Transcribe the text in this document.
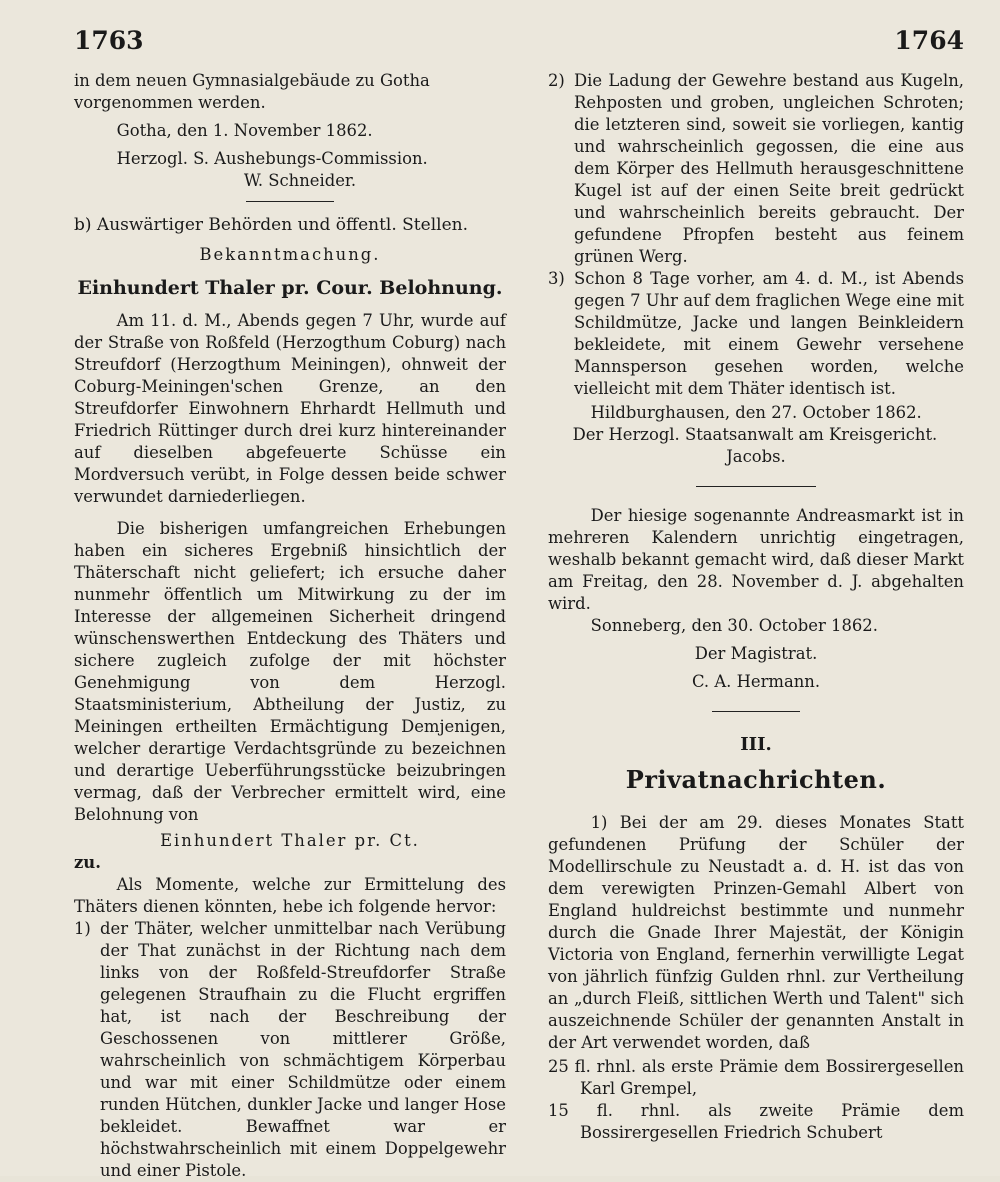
1763	1764

in dem neuen Gymnasialgebäude zu Gotha

vorgenommen werden.

Gotha, den 1. November 1862.

Herzogl. S. Aushebungs-Commission.

W. Schneider.

b) Auswärtiger Behörden und öffentl. Stellen.

Bekanntmachung.

Einhundert Thaler pr. Cour. Belohnung.

Am 11. d. M., Abends gegen 7 Uhr, wurde auf der Straße von Roßfeld (Herzogthum Coburg) nach Streufdorf (Herzogthum Meiningen), ohnweit der Coburg-Meiningen'schen Grenze, an den Streufdorfer Einwohnern Ehrhardt Hellmuth und Friedrich Rüttinger durch drei kurz hintereinander auf dieselben abgefeuerte Schüsse ein Mordversuch verübt, in Folge dessen beide schwer verwundet darniederliegen.

Die bisherigen umfangreichen Erhebungen haben ein sicheres Ergebniß hinsichtlich der Thäterschaft nicht geliefert; ich ersuche daher nunmehr öffentlich um Mitwirkung zu der im Interesse der allgemeinen Sicherheit dringend wünschenswerthen Entdeckung des Thäters und sichere zugleich zufolge der mit höchster Genehmigung von dem Herzogl. Staatsministerium, Abtheilung der Justiz, zu Meiningen ertheilten Ermächtigung Demjenigen, welcher derartige Verdachtsgründe zu bezeichnen und derartige Ueberführungsstücke beizubringen vermag, daß der Verbrecher ermittelt wird, eine Belohnung von

Einhundert Thaler pr. Ct.

zu.

Als Momente, welche zur Ermittelung des Thäters dienen könnten, hebe ich folgende hervor:

1) der Thäter, welcher unmittelbar nach Verübung der That zunächst in der Richtung nach dem links von der Roßfeld-Streufdorfer Straße gelegenen Straufhain zu die Flucht ergriffen hat, ist nach der Beschreibung der Geschossenen von mittlerer Größe, wahrscheinlich von schmächtigem Körperbau und war mit einer Schildmütze oder einem runden Hütchen, dunkler Jacke und langer Hose bekleidet. Bewaffnet war er höchstwahrscheinlich mit einem Doppelgewehr und einer Pistole.
2) Die Ladung der Gewehre bestand aus Kugeln, Rehposten und groben, ungleichen Schroten; die letzteren sind, soweit sie vorliegen, kantig und wahrscheinlich gegossen, die eine aus dem Körper des Hellmuth herausgeschnittene Kugel ist auf der einen Seite breit gedrückt und wahrscheinlich bereits gebraucht. Der gefundene Pfropfen besteht aus feinem grünen Werg.
3) Schon 8 Tage vorher, am 4. d. M., ist Abends gegen 7 Uhr auf dem fraglichen Wege eine mit Schildmütze, Jacke und langen Beinkleidern bekleidete, mit einem Gewehr versehene Mannsperson gesehen worden, welche vielleicht mit dem Thäter identisch ist.

Hildburghausen, den 27. October 1862.

Der Herzogl. Staatsanwalt am Kreisgericht.

Jacobs.

Der hiesige sogenannte Andreasmarkt ist in mehreren Kalendern unrichtig eingetragen, weshalb bekannt gemacht wird, daß dieser Markt am Freitag, den 28. November d. J. abgehalten wird.

Sonneberg, den 30. October 1862.

Der Magistrat.

C. A. Hermann.

III.

Privatnachrichten.

1) Bei der am 29. dieses Monates Statt gefundenen Prüfung der Schüler der Modellirschule zu Neustadt a. d. H. ist das von dem verewigten Prinzen-Gemahl Albert von England huldreichst bestimmte und nunmehr durch die Gnade Ihrer Majestät, der Königin Victoria von England, fernerhin verwilligte Legat von jährlich fünfzig Gulden rhnl. zur Vertheilung an „durch Fleiß, sittlichen Werth und Talent" sich auszeichnende Schüler der genannten Anstalt in der Art verwendet worden, daß

25 fl. rhnl. als erste Prämie dem Bossirergesellen Karl Grempel,

15 fl. rhnl. als zweite Prämie dem Bossirergesellen Friedrich Schubert
